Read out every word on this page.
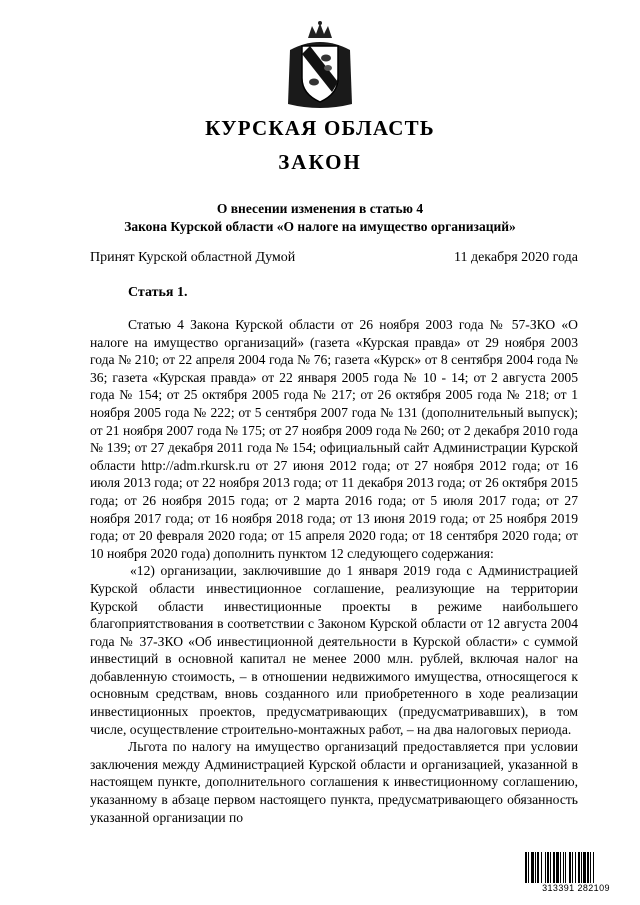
КУРСКАЯ ОБЛАСТЬ
ЗАКОН
О внесении изменения в статью 4
Закона Курской области «О налоге на имущество организаций»
Принят Курской областной Думой	11 декабря 2020 года
Статья 1.

Статью 4 Закона Курской области от 26 ноября 2003 года № 57-ЗКО «О налоге на имущество организаций» (газета «Курская правда» от 29 ноября 2003 года № 210; от 22 апреля 2004 года № 76; газета «Курск» от 8 сентября 2004 года № 36; газета «Курская правда» от 22 января 2005 года № 10 - 14; от 2 августа 2005 года № 154; от 25 октября 2005 года № 217; от 26 октября 2005 года № 218; от 1 ноября 2005 года № 222; от 5 сентября 2007 года № 131 (дополнительный выпуск); от 21 ноября 2007 года № 175; от 27 ноября 2009 года № 260; от 2 декабря 2010 года № 139; от 27 декабря 2011 года № 154; официальный сайт Администрации Курской области http://adm.rkursk.ru от 27 июня 2012 года; от 27 ноября 2012 года; от 16 июля 2013 года; от 22 ноября 2013 года; от 11 декабря 2013 года; от 26 октября 2015 года; от 26 ноября 2015 года; от 2 марта 2016 года; от 5 июля 2017 года; от 27 ноября 2017 года; от 16 ноября 2018 года; от 13 июня 2019 года; от 25 ноября 2019 года; от 20 февраля 2020 года; от 15 апреля 2020 года; от 18 сентября 2020 года; от 10 ноября 2020 года) дополнить пунктом 12 следующего содержания:

«12) организации, заключившие до 1 января 2019 года с Администрацией Курской области инвестиционное соглашение, реализующие на территории Курской области инвестиционные проекты в режиме наибольшего благоприятствования в соответствии с Законом Курской области от 12 августа 2004 года № 37-ЗКО «Об инвестиционной деятельности в Курской области» с суммой инвестиций в основной капитал не менее 2000 млн. рублей, включая налог на добавленную стоимость, – в отношении недвижимого имущества, относящегося к основным средствам, вновь созданного или приобретенного в ходе реализации инвестиционных проектов, предусматривающих (предусматривавших), в том числе, осуществление строительно-монтажных работ, – на два налоговых периода.

Льгота по налогу на имущество организаций предоставляется при условии заключения между Администрацией Курской области и организацией, указанной в настоящем пункте, дополнительного соглашения к инвестиционному соглашению, указанному в абзаце первом настоящего пункта, предусматривающего обязанность указанной организации по

313391 282109
